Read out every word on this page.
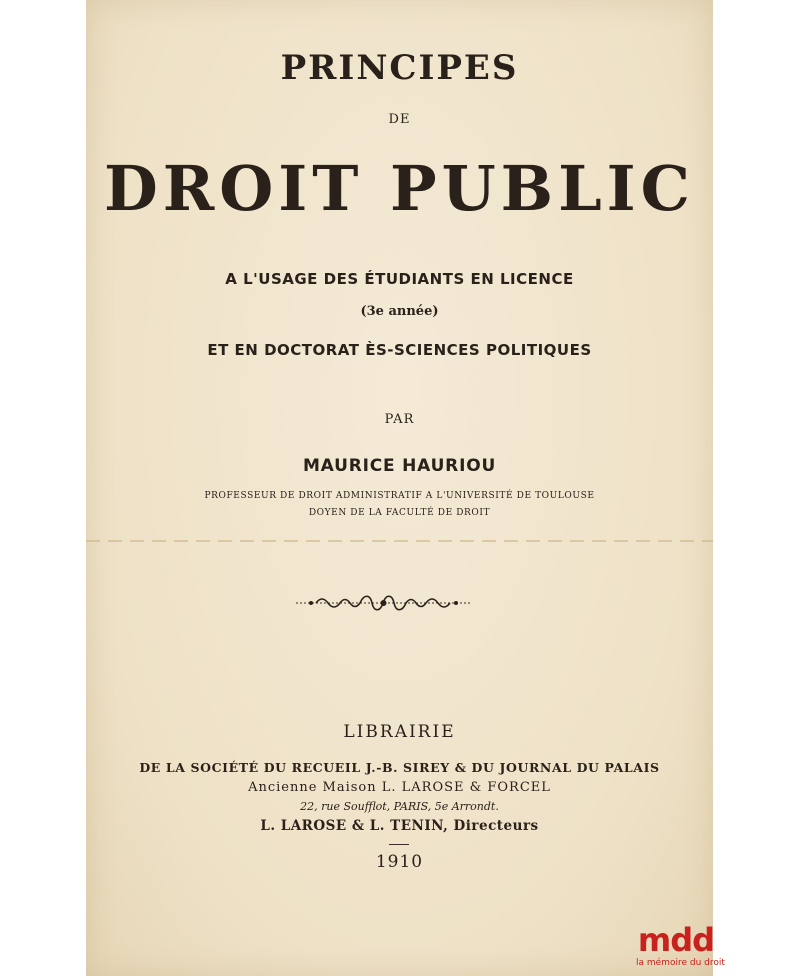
PRINCIPES
DE
DROIT PUBLIC
A L'USAGE DES ÉTUDIANTS EN LICENCE
(3e année)
ET EN DOCTORAT ÈS-SCIENCES POLITIQUES
PAR
MAURICE HAURIOU
PROFESSEUR DE DROIT ADMINISTRATIF A L'UNIVERSITÉ DE TOULOUSE
DOYEN DE LA FACULTÉ DE DROIT
LIBRAIRIE
DE LA SOCIÉTÉ DU RECUEIL J.-B. SIREY & DU JOURNAL DU PALAIS
Ancienne Maison L. LAROSE & FORCEL
22, rue Soufflot, PARIS, 5e Arrondt.
L. LAROSE & L. TENIN, Directeurs
1910
mdd
la mémoire du droit
